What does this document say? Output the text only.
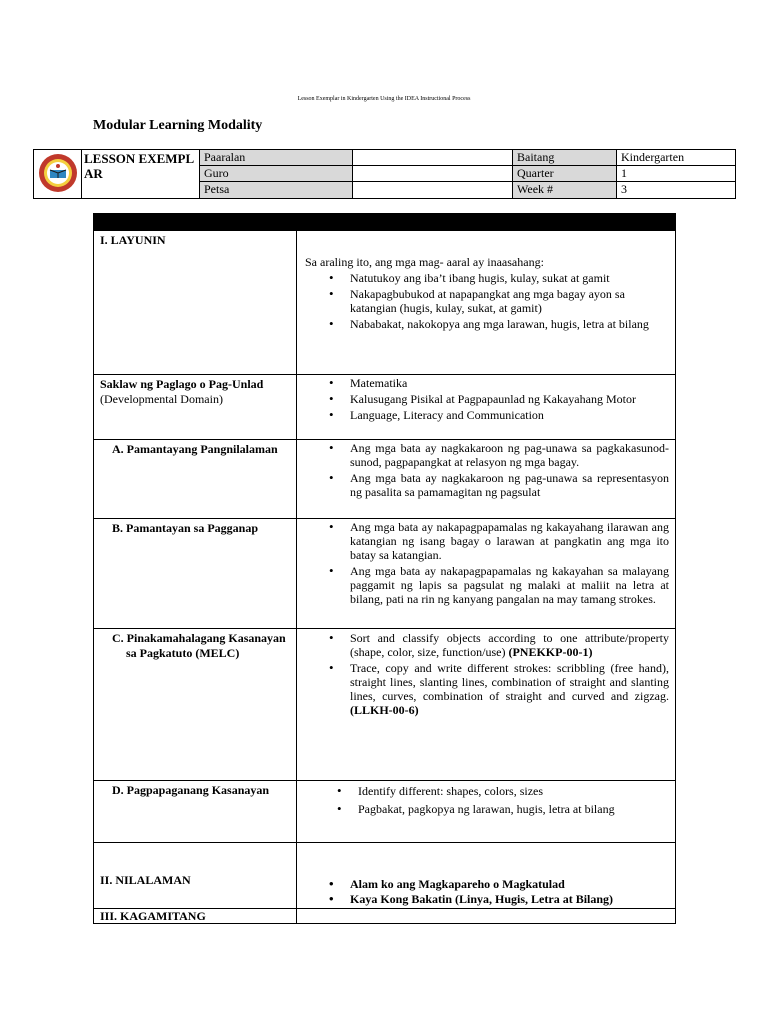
Lesson Exemplar in Kindergarten Using the IDEA Instructional Process
Modular Learning Modality
LESSON EXEMPL AR
Paaralan	Baitang	Kindergarten
Guro	Quarter	1
Petsa	Week #	3
I. LAYUNIN

Sa araling ito, ang mga mag- aaral ay inaasahang:

• Natutukoy ang iba’t ibang hugis, kulay, sukat at gamit
• Nakapagbubukod at napapangkat ang mga bagay ayon sa katangian (hugis, kulay, sukat, at gamit)
• Nababakat, nakokopya ang mga larawan, hugis, letra at bilang
Saklaw ng Paglago o Pag-Unlad (Developmental Domain)
• Matematika
• Kalusugang Pisikal at Pagpapaunlad ng Kakayahang Motor
• Language, Literacy and Communication
A. Pamantayang Pangnilalaman	• Ang mga bata ay nagkakaroon ng pag-unawa sa pagkakasunod-sunod, pagpapangkat at relasyon ng mga bagay.
• Ang mga bata ay nagkakaroon ng pag-unawa sa representasyon ng pasalita sa pamamagitan ng pagsulat
B. Pamantayan sa Pagganap	• Ang mga bata ay nakapagpapamalas ng kakayahang ilarawan ang katangian ng isang bagay o larawan at pangkatin ang mga ito batay sa katangian.
• Ang mga bata ay nakapagpapamalas ng kakayahan sa malayang paggamit ng lapis sa pagsulat ng malaki at maliit na letra at bilang, pati na rin ng kanyang pangalan na may tamang strokes.
C. Pinakamahalagang Kasanayan sa Pagkatuto (MELC)
• Sort and classify objects according to one attribute/property (shape, color, size, function/use) (PNEKKP-00-1)
• Trace, copy and write different strokes: scribbling (free hand), straight lines, slanting lines, combination of straight and slanting lines, curves, combination of straight and curved and zigzag. (LLKH-00-6)
D. Pagpapaganang Kasanayan	• Identify different: shapes, colors, sizes
• Pagbakat, pagkopya ng larawan, hugis, letra at bilang
II. NILALAMAN	• Alam ko ang Magkapareho o Magkatulad
• Kaya Kong Bakatin (Linya, Hugis, Letra at Bilang)
III. KAGAMITANG
